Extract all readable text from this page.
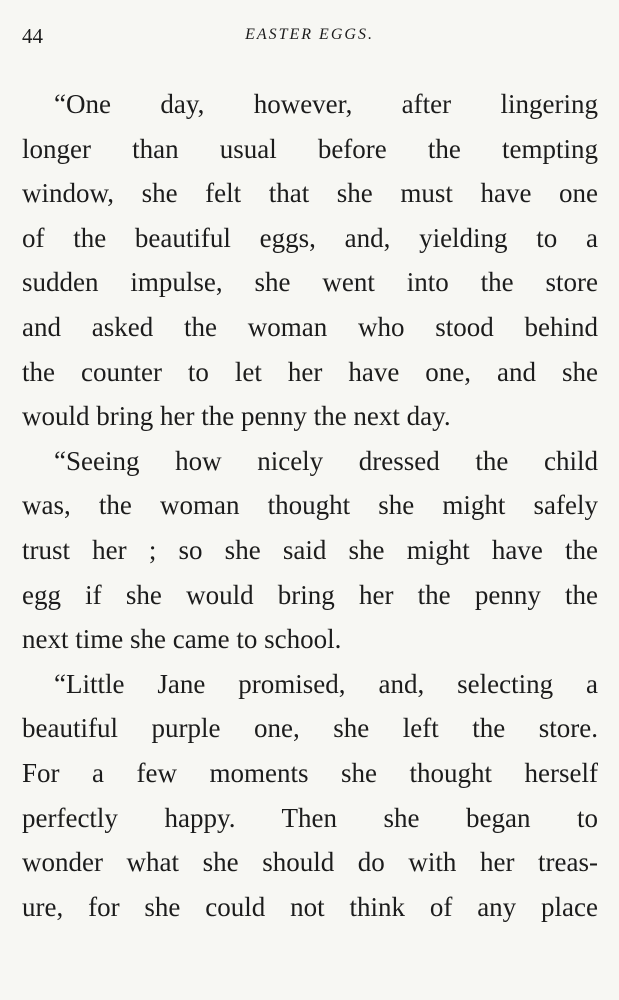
44	EASTER EGGS.
“One day, however, after lingering
longer than usual before the tempting
window, she felt that she must have one
of the beautiful eggs, and, yielding to a
sudden impulse, she went into the store
and asked the woman who stood behind
the counter to let her have one, and she
would bring her the penny the next day.
“Seeing how nicely dressed the child
was, the woman thought she might safely
trust her ; so she said she might have the
egg if she would bring her the penny the
next time she came to school.
“Little Jane promised, and, selecting a
beautiful purple one, she left the store.
For a few moments she thought herself
perfectly happy. Then she began to
wonder what she should do with her treas-
ure, for she could not think of any place
